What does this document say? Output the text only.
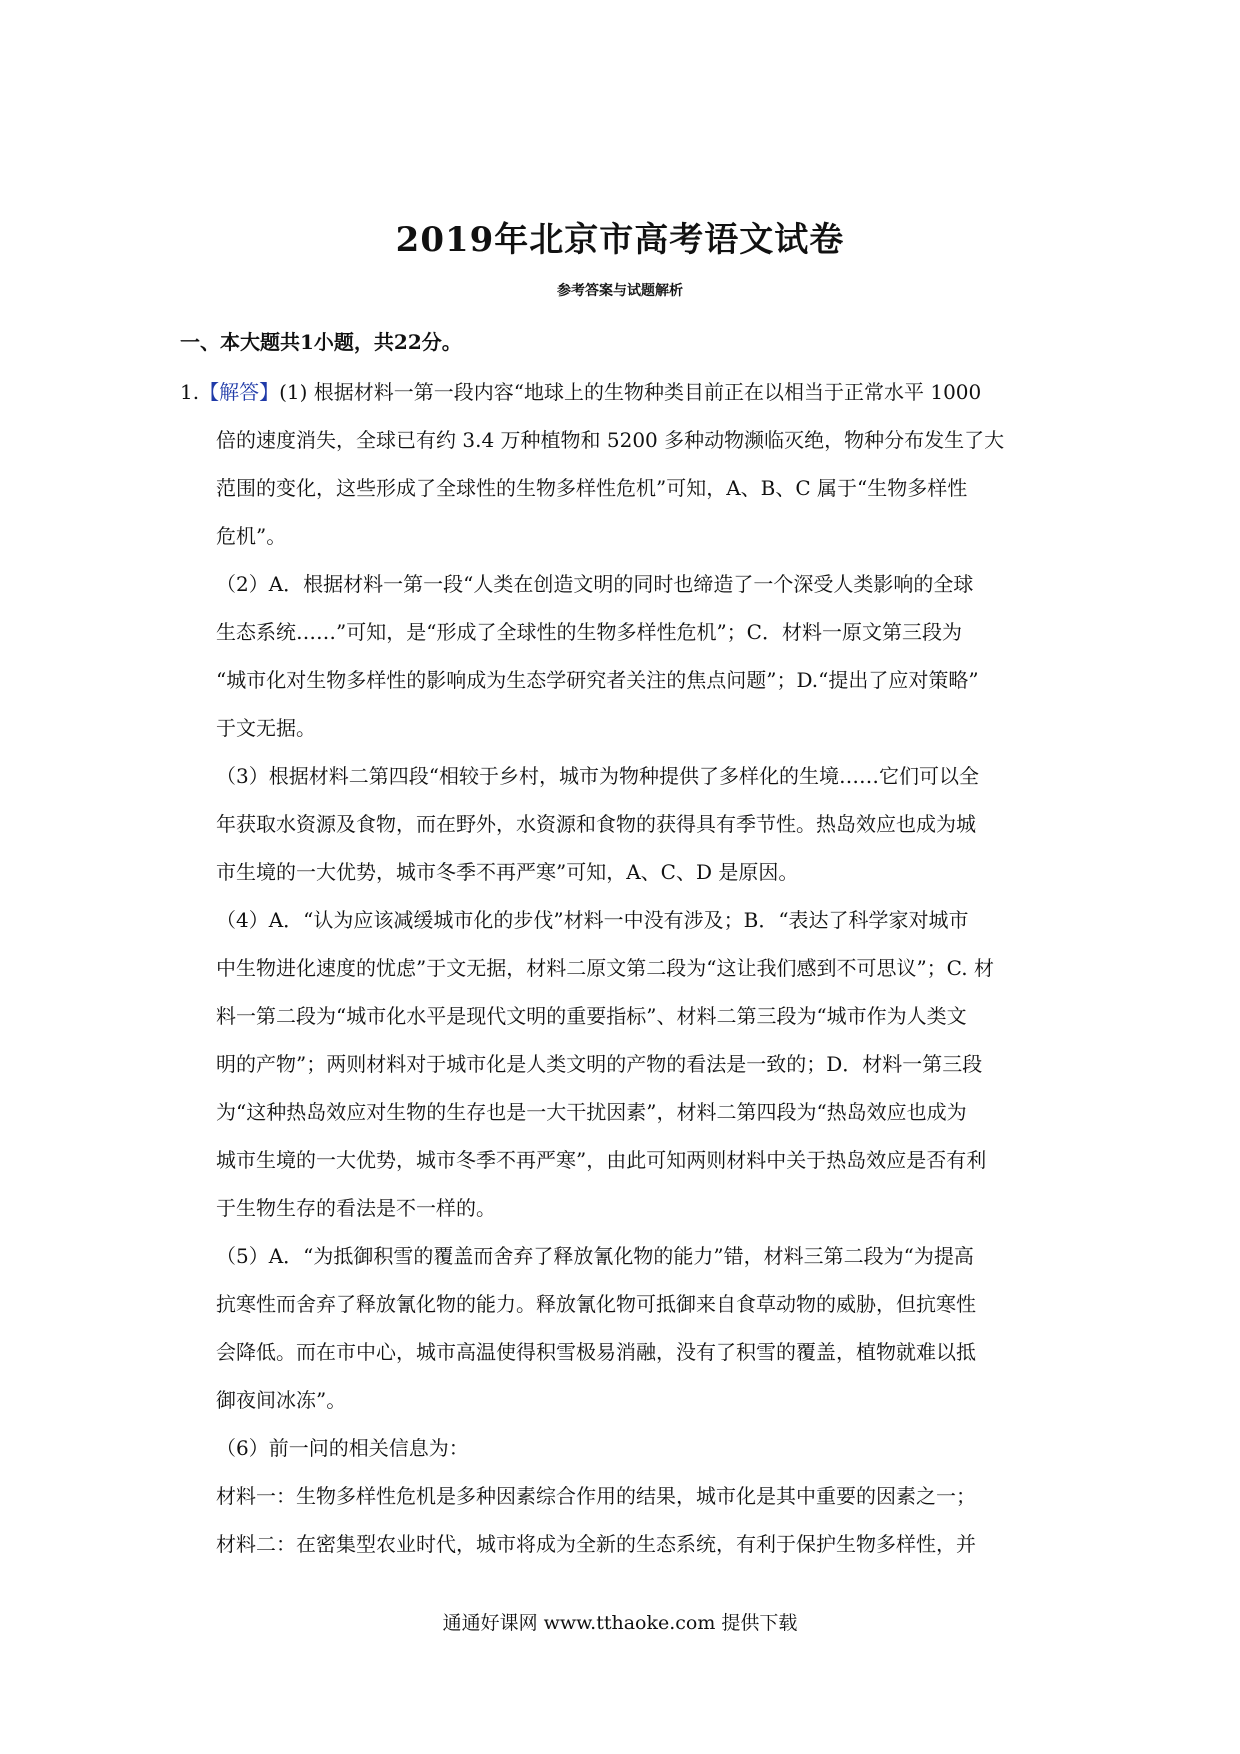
2019年北京市高考语文试卷
参考答案与试题解析
一、本大题共1小题，共22分。
1.【解答】(1) 根据材料一第一段内容“地球上的生物种类目前正在以相当于正常水平 1000
倍的速度消失，全球已有约 3.4 万种植物和 5200 多种动物濒临灭绝，物种分布发生了大
范围的变化，这些形成了全球性的生物多样性危机”可知，A、B、C 属于“生物多样性
危机”。
（2）A．根据材料一第一段“人类在创造文明的同时也缔造了一个深受人类影响的全球
生态系统……”可知，是“形成了全球性的生物多样性危机”；C．材料一原文第三段为
“城市化对生物多样性的影响成为生态学研究者关注的焦点问题”；D.“提出了应对策略”
于文无据。
（3）根据材料二第四段“相较于乡村，城市为物种提供了多样化的生境……它们可以全
年获取水资源及食物，而在野外，水资源和食物的获得具有季节性。热岛效应也成为城
市生境的一大优势，城市冬季不再严寒”可知，A、C、D 是原因。
（4）A．“认为应该减缓城市化的步伐”材料一中没有涉及；B．“表达了科学家对城市
中生物进化速度的忧虑”于文无据，材料二原文第二段为“这让我们感到不可思议”；C. 材
料一第二段为“城市化水平是现代文明的重要指标”、材料二第三段为“城市作为人类文
明的产物”；两则材料对于城市化是人类文明的产物的看法是一致的；D．材料一第三段
为“这种热岛效应对生物的生存也是一大干扰因素”，材料二第四段为“热岛效应也成为
城市生境的一大优势，城市冬季不再严寒”，由此可知两则材料中关于热岛效应是否有利
于生物生存的看法是不一样的。
（5）A．“为抵御积雪的覆盖而舍弃了释放氰化物的能力”错，材料三第二段为“为提高
抗寒性而舍弃了释放氰化物的能力。释放氰化物可抵御来自食草动物的威胁，但抗寒性
会降低。而在市中心，城市高温使得积雪极易消融，没有了积雪的覆盖，植物就难以抵
御夜间冰冻”。
（6）前一问的相关信息为：
材料一：生物多样性危机是多种因素综合作用的结果，城市化是其中重要的因素之一；
材料二：在密集型农业时代，城市将成为全新的生态系统，有利于保护生物多样性，并
通通好课网 www.tthaoke.com 提供下载
